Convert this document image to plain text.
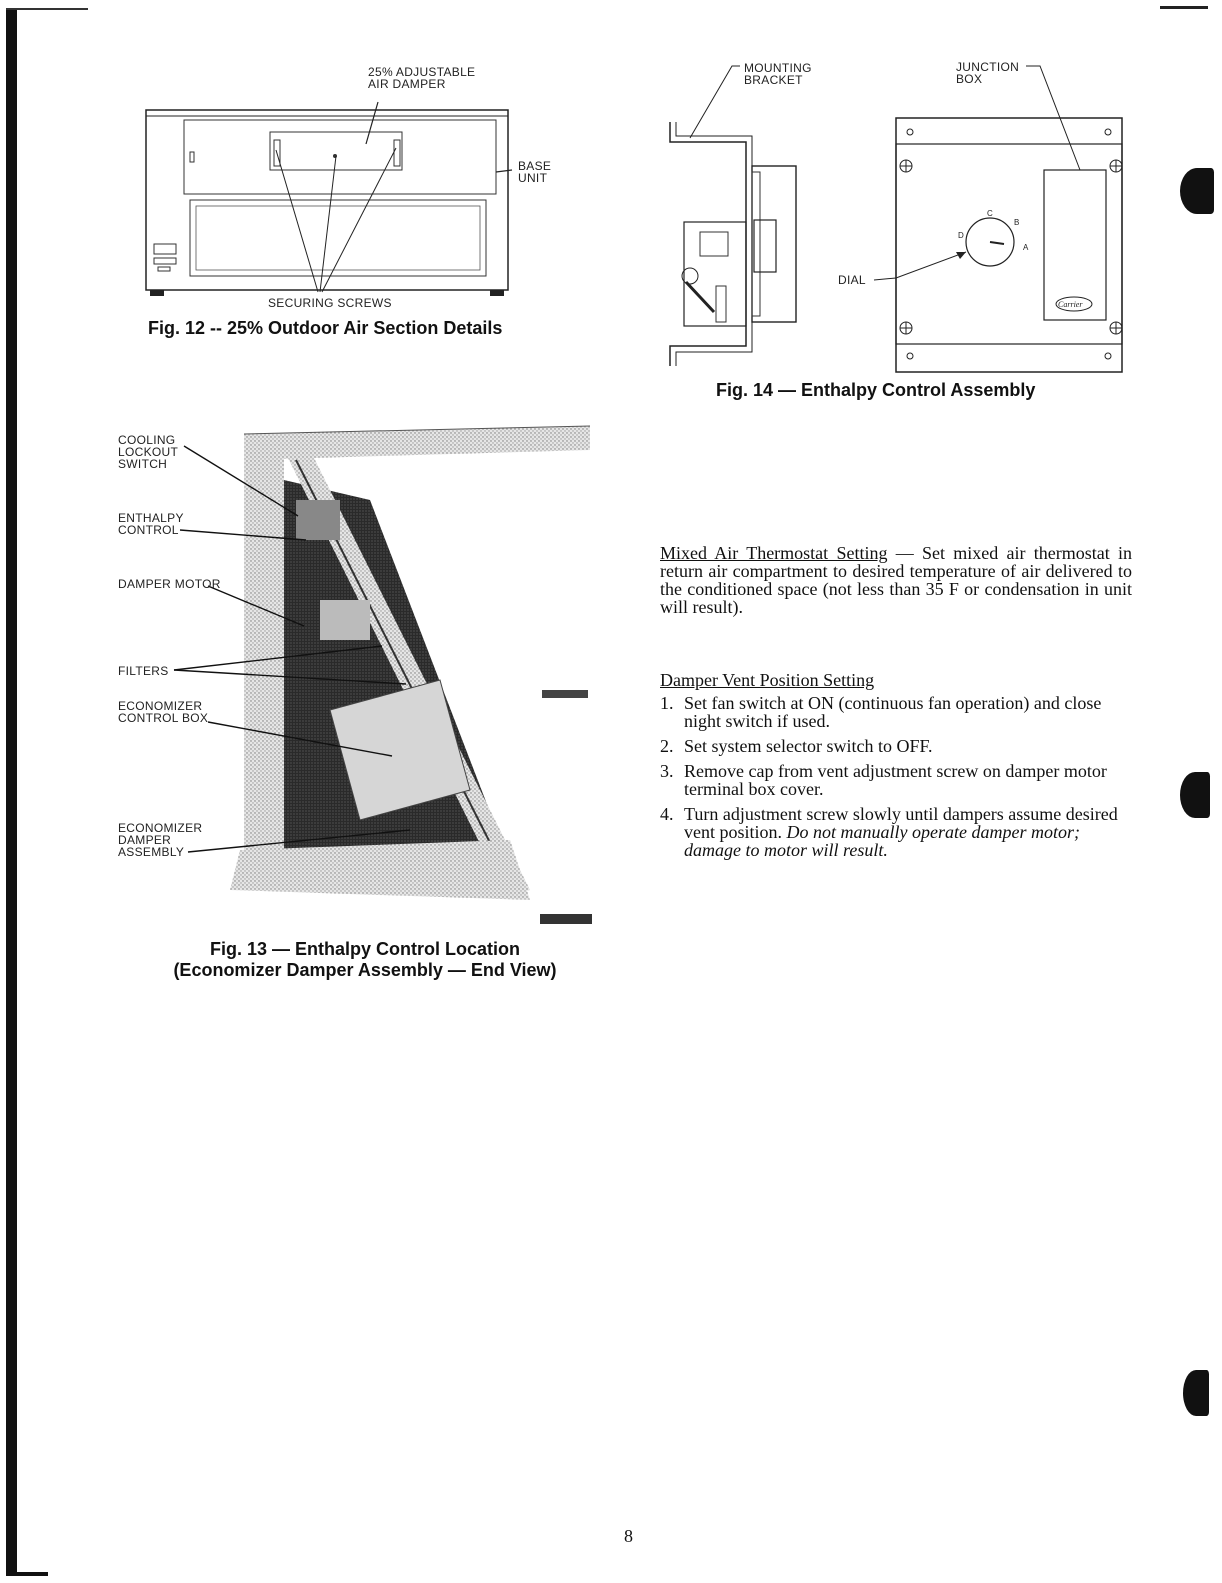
25% ADJUSTABLE
AIR DAMPER
BASE
UNIT
SECURING SCREWS
Fig. 12 -- 25% Outdoor Air Section Details
MOUNTING
BRACKET
JUNCTION
BOX
DIAL
A
B
C
D
Carrier
Fig. 14 — Enthalpy Control Assembly
COOLING
LOCKOUT
SWITCH
ENTHALPY
CONTROL
DAMPER MOTOR
FILTERS
ECONOMIZER
CONTROL BOX
ECONOMIZER
DAMPER
ASSEMBLY
Fig. 13 — Enthalpy Control Location
(Economizer Damper Assembly — End View)
Mixed Air Thermostat Setting — Set mixed air thermostat in return air compartment to desired temperature of air delivered to the conditioned space (not less than 35 F or condensation in unit will result).
Damper Vent Position Setting
1. Set fan switch at ON (continuous fan operation) and close night switch if used.
2. Set system selector switch to OFF.
3. Remove cap from vent adjustment screw on damper motor terminal box cover.
4. Turn adjustment screw slowly until dampers assume desired vent position. Do not manually operate damper motor; damage to motor will result.
8
